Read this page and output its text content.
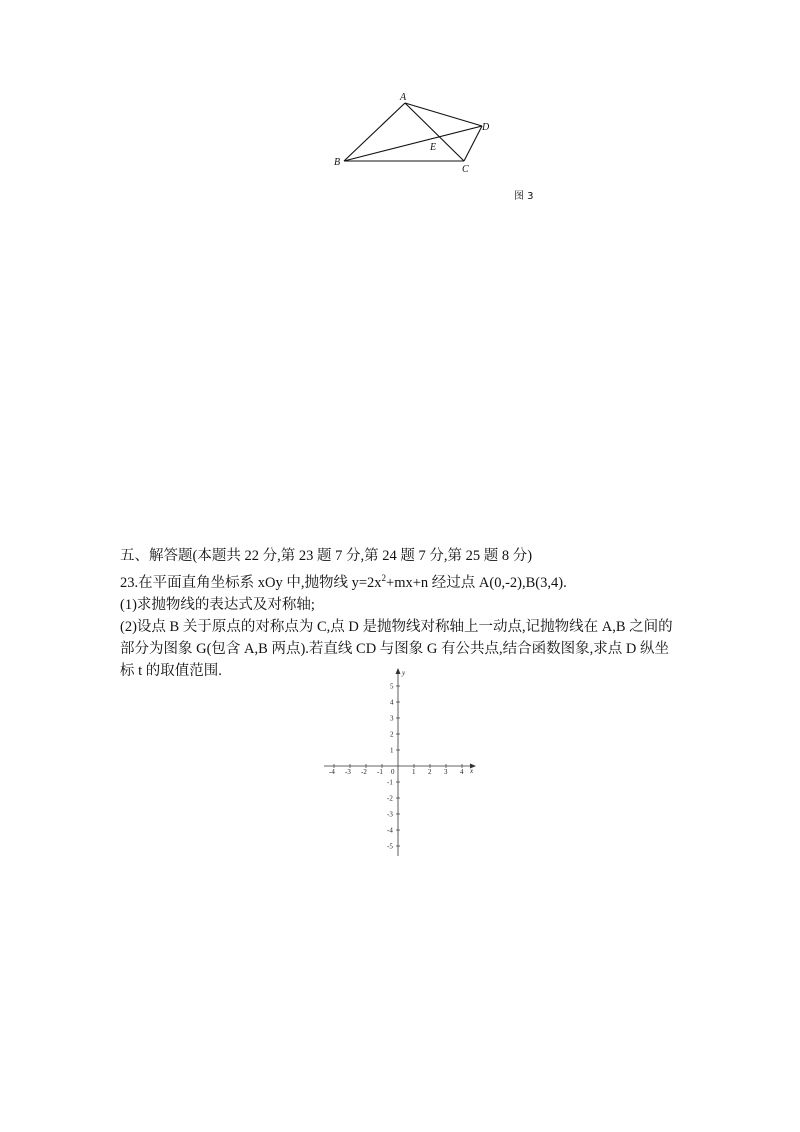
A
B
C
D
E
图 3

五、解答题(本题共 22 分,第 23 题 7 分,第 24 题 7 分,第 25 题 8 分)

23.在平面直角坐标系 xOy 中,抛物线 $y=2x^2+mx+n$ 经过点 A(0,-2),B(3,4).

(1)求抛物线的表达式及对称轴;

(2)设点 B 关于原点的对称点为 C,点 D 是抛物线对称轴上一动点,记抛物线在 A,B 之间的部分为图象 G(包含 A,B 两点).若直线 CD 与图象 G 有公共点,结合函数图象,求点 D 纵坐标 t 的取值范围.

-4 -3 -2 -1	1 2 3 4
5
4
3
2
1
-1
-2
-3
-4
-5
x
y
0
